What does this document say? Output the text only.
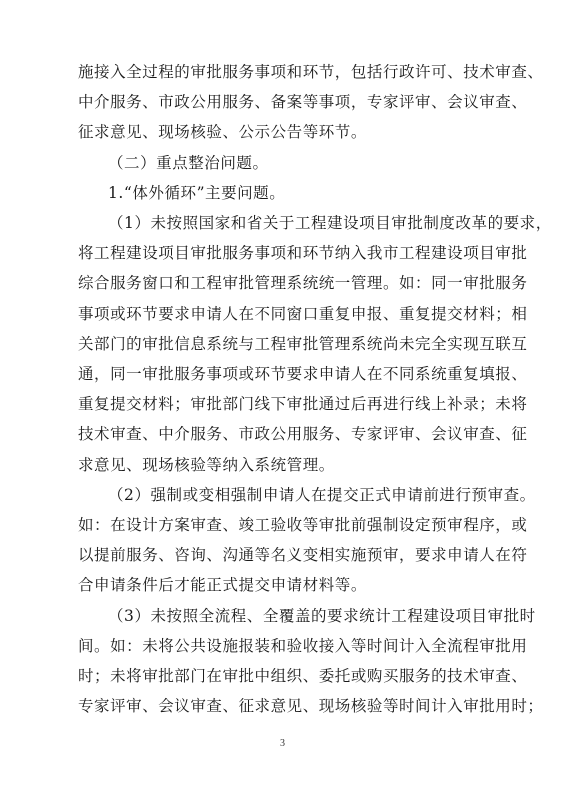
施接入全过程的审批服务事项和环节，包括行政许可、技术审查、
中介服务、市政公用服务、备案等事项，专家评审、会议审查、
征求意见、现场核验、公示公告等环节。
（二）重点整治问题。
1.“体外循环”主要问题。
（1）未按照国家和省关于工程建设项目审批制度改革的要求，
将工程建设项目审批服务事项和环节纳入我市工程建设项目审批
综合服务窗口和工程审批管理系统统一管理。如：同一审批服务
事项或环节要求申请人在不同窗口重复申报、重复提交材料；相
关部门的审批信息系统与工程审批管理系统尚未完全实现互联互
通，同一审批服务事项或环节要求申请人在不同系统重复填报、
重复提交材料；审批部门线下审批通过后再进行线上补录；未将
技术审查、中介服务、市政公用服务、专家评审、会议审查、征
求意见、现场核验等纳入系统管理。
（2）强制或变相强制申请人在提交正式申请前进行预审查。
如：在设计方案审查、竣工验收等审批前强制设定预审程序，或
以提前服务、咨询、沟通等名义变相实施预审，要求申请人在符
合申请条件后才能正式提交申请材料等。
（3）未按照全流程、全覆盖的要求统计工程建设项目审批时
间。如：未将公共设施报装和验收接入等时间计入全流程审批用
时；未将审批部门在审批中组织、委托或购买服务的技术审查、
专家评审、会议审查、征求意见、现场核验等时间计入审批用时；
3
